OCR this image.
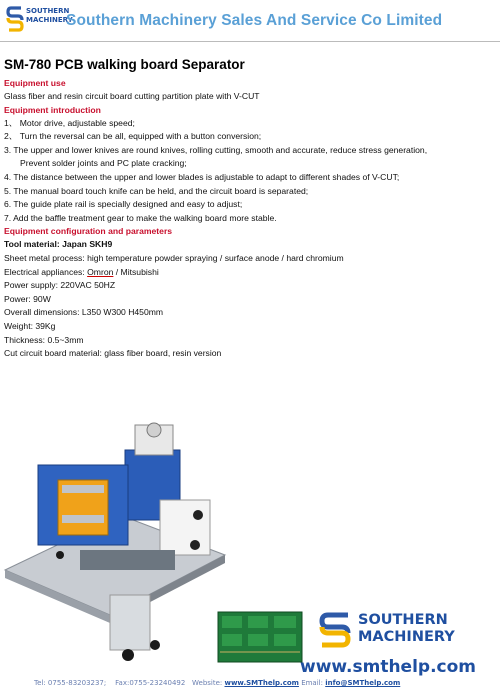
SOUTHERN
MACHINERY
Southern Machinery Sales And Service Co Limited
SM-780 PCB walking board Separator
Equipment use
Glass fiber and resin circuit board cutting partition plate with V-CUT
Equipment introduction
1、 Motor drive, adjustable speed;
2、 Turn the reversal can be all, equipped with a button conversion;
3. The upper and lower knives are round knives, rolling cutting, smooth and accurate, reduce stress generation,
Prevent solder joints and PC plate cracking;
4. The distance between the upper and lower blades is adjustable to adapt to different shades of V-CUT;
5. The manual board touch knife can be held, and the circuit board is separated;
6. The guide plate rail is specially designed and easy to adjust;
7. Add the baffle treatment gear to make the walking board more stable.
Equipment configuration and parameters
Tool material: Japan SKH9
Sheet metal process: high temperature powder spraying / surface anode / hard chromium
Electrical appliances: Omron / Mitsubishi
Power supply: 220VAC 50HZ
Power: 90W
Overall dimensions: L350 W300 H450mm
Weight: 39Kg
Thickness: 0.5~3mm
Cut circuit board material: glass fiber board, resin version
SOUTHERN
MACHINERY
www.smthelp.com
Tel: 0755-83203237; Fax:0755-23240492 Website: www.SMThelp.com Email: info@SMThelp.com
